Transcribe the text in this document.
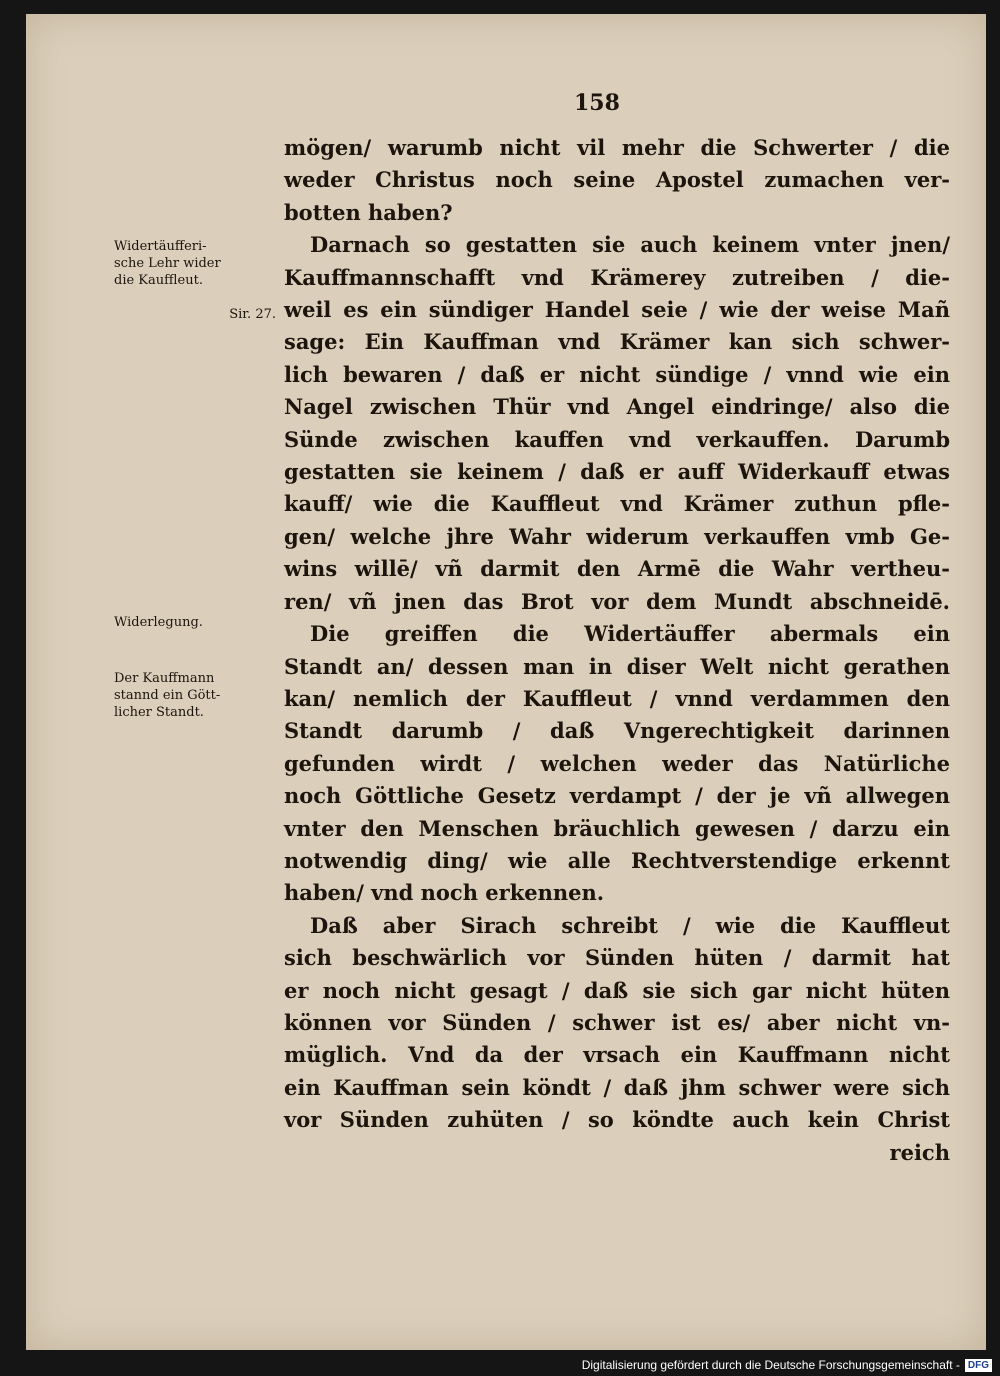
158
Widertäufferi-
sche Lehr wider
die Kauffleut.
Sir. 27.
Widerlegung.
Der Kauffmann
stannd ein Gött-
licher Standt.
mögen/ warumb nicht vil mehr die Schwerter / die
weder Christus noch seine Apostel zumachen ver-
botten haben?
Darnach so gestatten sie auch keinem vnter jnen/
Kauffmannschafft vnd Krämerey zutreiben / die-
weil es ein sündiger Handel seie / wie der weise Mañ
sage: Ein Kauffman vnd Krämer kan sich schwer-
lich bewaren / daß er nicht sündige / vnnd wie ein
Nagel zwischen Thür vnd Angel eindringe/ also die
Sünde zwischen kauffen vnd verkauffen. Darumb
gestatten sie keinem / daß er auff Widerkauff etwas
kauff/ wie die Kauffleut vnd Krämer zuthun pfle-
gen/ welche jhre Wahr widerum verkauffen vmb Ge-
wins willē/ vñ darmit den Armē die Wahr vertheu-
ren/ vñ jnen das Brot vor dem Mundt abschneidē.
Die greiffen die Widertäuffer abermals ein
Standt an/ dessen man in diser Welt nicht gerathen
kan/ nemlich der Kauffleut / vnnd verdammen den
Standt darumb / daß Vngerechtigkeit darinnen
gefunden wirdt / welchen weder das Natürliche
noch Göttliche Gesetz verdampt / der je vñ allwegen
vnter den Menschen bräuchlich gewesen / darzu ein
notwendig ding/ wie alle Rechtverstendige erkennt
haben/ vnd noch erkennen.
Daß aber Sirach schreibt / wie die Kauffleut
sich beschwärlich vor Sünden hüten / darmit hat
er noch nicht gesagt / daß sie sich gar nicht hüten
können vor Sünden / schwer ist es/ aber nicht vn-
müglich. Vnd da der vrsach ein Kauffmann nicht
ein Kauffman sein köndt / daß jhm schwer were sich
vor Sünden zuhüten / so köndte auch kein Christ
reich
Digitalisierung gefördert durch die Deutsche Forschungsgemeinschaft - DFG
